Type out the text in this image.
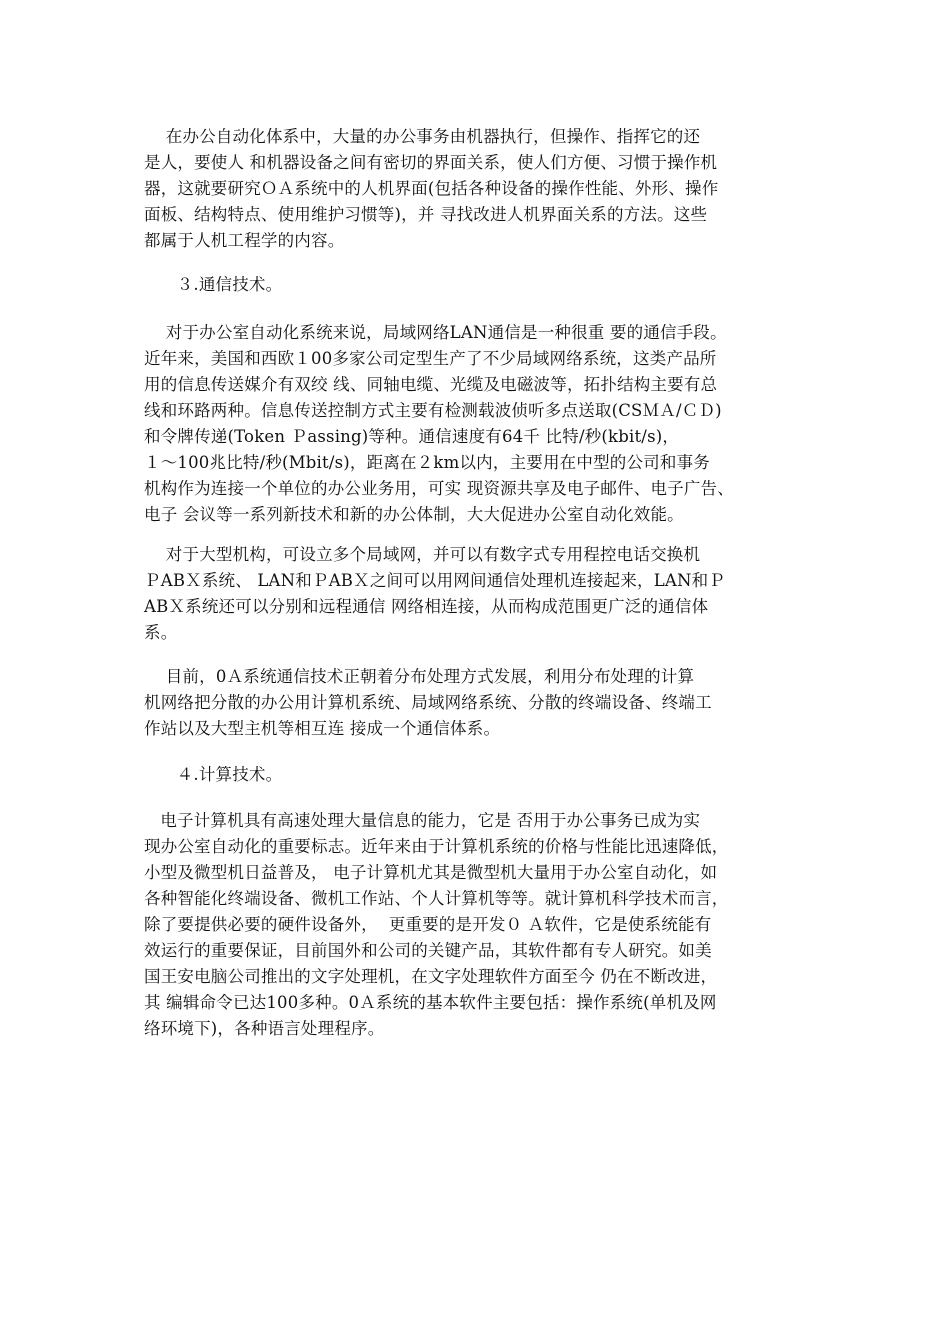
在办公自动化体系中，大量的办公事务由机器执行，但操作、指挥它的还
是人，要使人 和机器设备之间有密切的界面关系，使人们方便、习惯于操作机
器，这就要研究ＯＡ系统中的人机界面(包括各种设备的操作性能、外形、操作
面板、结构特点、使用维护习惯等)，并 寻找改进人机界面关系的方法。这些
都属于人机工程学的内容。
３.通信技术。
对于办公室自动化系统来说，局域网络LAN通信是一种很重 要的通信手段。
近年来，美国和西欧１00多家公司定型生产了不少局域网络系统，这类产品所
用的信息传送媒介有双绞 线、同轴电缆、光缆及电磁波等，拓扑结构主要有总
线和环路两种。信息传送控制方式主要有检测载波侦听多点送取(CSＭＡ/ＣＤ)
和令牌传递(Token Ｐassing)等种。通信速度有64千 比特/秒(kbit/s)，
１～100兆比特/秒(Mbit/s)，距离在２km以内，主要用在中型的公司和事务
机构作为连接一个单位的办公业务用，可实 现资源共享及电子邮件、电子广告、
电子 会议等一系列新技术和新的办公体制，大大促进办公室自动化效能。
对于大型机构，可设立多个局域网，并可以有数字式专用程控电话交换机
ＰABＸ系统、 LAN和ＰABＸ之间可以用网间通信处理机连接起来，LAN和Ｐ
ABＸ系统还可以分别和远程通信 网络相连接，从而构成范围更广泛的通信体
系。
目前，0Ａ系统通信技术正朝着分布处理方式发展，利用分布处理的计算
机网络把分散的办公用计算机系统、局域网络系统、分散的终端设备、终端工
作站以及大型主机等相互连 接成一个通信体系。
４.计算技术。
电子计算机具有高速处理大量信息的能力，它是 否用于办公事务已成为实
现办公室自动化的重要标志。近年来由于计算机系统的价格与性能比迅速降低，
小型及微型机日益普及， 电子计算机尤其是微型机大量用于办公室自动化，如
各种智能化终端设备、微机工作站、个人计算机等等。就计算机科学技术而言，
除了要提供必要的硬件设备外，  更重要的是开发０ Ａ软件，它是使系统能有
效运行的重要保证，目前国外和公司的关键产品，其软件都有专人研究。如美
国王安电脑公司推出的文字处理机，在文字处理软件方面至今 仍在不断改进，
其 编辑命令已达100多种。0Ａ系统的基本软件主要包括：操作系统(单机及网
络环境下)，各种语言处理程序。
